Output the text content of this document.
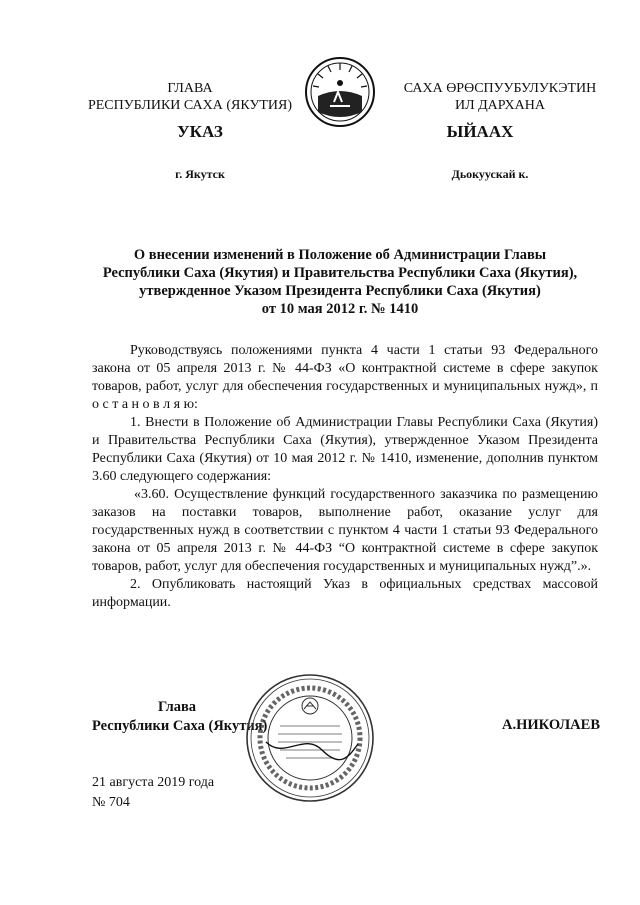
ГЛАВА
РЕСПУБЛИКИ САХА (ЯКУТИЯ)
САХА ӨРӨСПУУБУЛУКЭТИН
ИЛ ДАРХАНА
УКАЗ	ЫЙААХ
г. Якутск	Дьокуускай к.
О внесении изменений в Положение об Администрации Главы
Республики Саха (Якутия) и Правительства Республики Саха (Якутия),
утвержденное Указом Президента Республики Саха (Якутия)
от 10 мая 2012 г. № 1410

Руководствуясь положениями пункта 4 части 1 статьи 93 Федерального закона от 05 апреля 2013 г. № 44-ФЗ «О контрактной системе в сфере закупок товаров, работ, услуг для обеспечения государственных и муниципальных нужд», п о с т а н о в л я ю:

1. Внести в Положение об Администрации Главы Республики Саха (Якутия) и Правительства Республики Саха (Якутия), утвержденное Указом Президента Республики Саха (Якутия) от 10 мая 2012 г. № 1410, изменение, дополнив пунктом 3.60 следующего содержания:

«3.60. Осуществление функций государственного заказчика по размещению заказов на поставки товаров, выполнение работ, оказание услуг для государственных нужд в соответствии с пунктом 4 части 1 статьи 93 Федерального закона от 05 апреля 2013 г. № 44-ФЗ “О контрактной системе в сфере закупок товаров, работ, услуг для обеспечения государственных и муниципальных нужд”.».

2. Опубликовать настоящий Указ в официальных средствах массовой информации.

Глава
Республики Саха (Якутия)	А.НИКОЛАЕВ
21 августа 2019 года
№ 704
